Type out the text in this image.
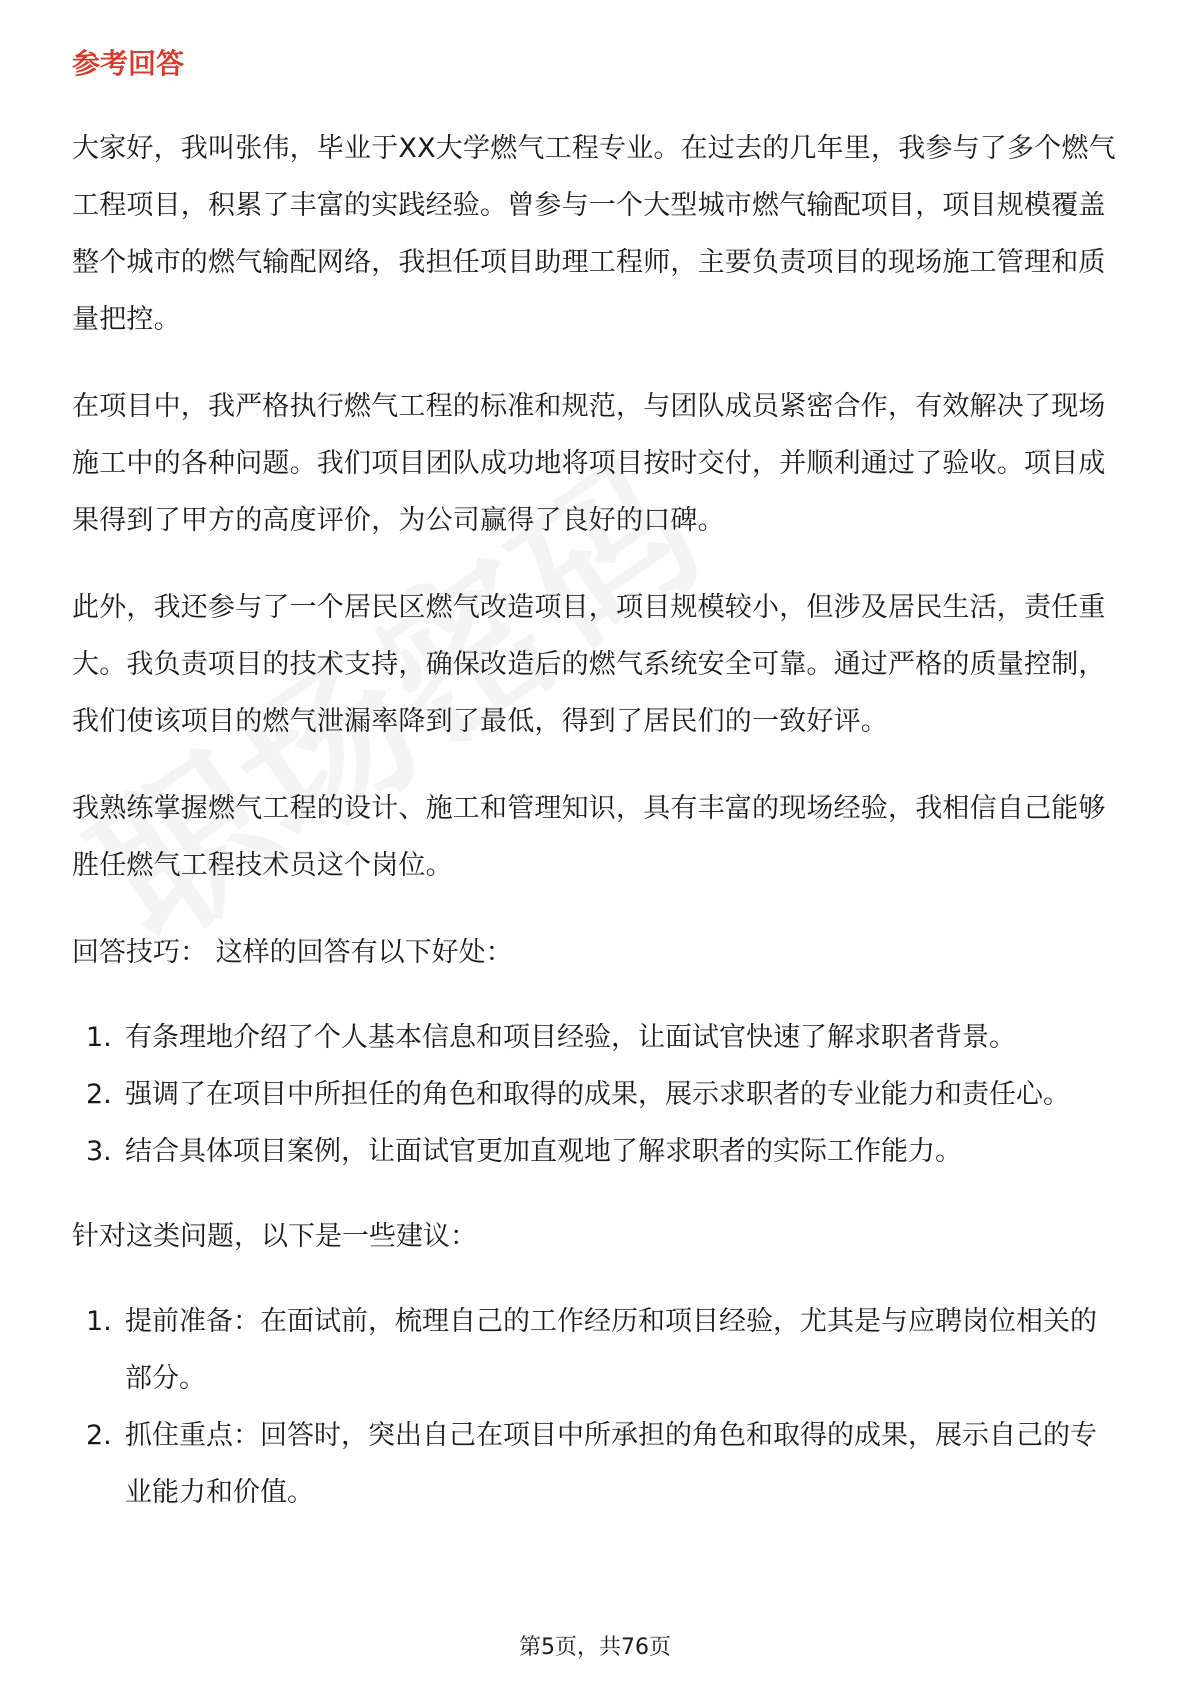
参考回答

大家好，我叫张伟，毕业于XX大学燃气工程专业。在过去的几年里，我参与了多个燃气工程项目，积累了丰富的实践经验。曾参与一个大型城市燃气输配项目，项目规模覆盖整个城市的燃气输配网络，我担任项目助理工程师，主要负责项目的现场施工管理和质量把控。

在项目中，我严格执行燃气工程的标准和规范，与团队成员紧密合作，有效解决了现场施工中的各种问题。我们项目团队成功地将项目按时交付，并顺利通过了验收。项目成果得到了甲方的高度评价，为公司赢得了良好的口碑。

此外，我还参与了一个居民区燃气改造项目，项目规模较小，但涉及居民生活，责任重大。我负责项目的技术支持，确保改造后的燃气系统安全可靠。通过严格的质量控制，我们使该项目的燃气泄漏率降到了最低，得到了居民们的一致好评。

我熟练掌握燃气工程的设计、施工和管理知识，具有丰富的现场经验，我相信自己能够胜任燃气工程技术员这个岗位。

回答技巧： 这样的回答有以下好处：
1. 有条理地介绍了个人基本信息和项目经验，让面试官快速了解求职者背景。
2. 强调了在项目中所担任的角色和取得的成果，展示求职者的专业能力和责任心。
3. 结合具体项目案例，让面试官更加直观地了解求职者的实际工作能力。
针对这类问题，以下是一些建议：
1. 提前准备：在面试前，梳理自己的工作经历和项目经验，尤其是与应聘岗位相关的部分。
2. 抓住重点：回答时，突出自己在项目中所承担的角色和取得的成果，展示自己的专业能力和价值。
第5页，共76页
